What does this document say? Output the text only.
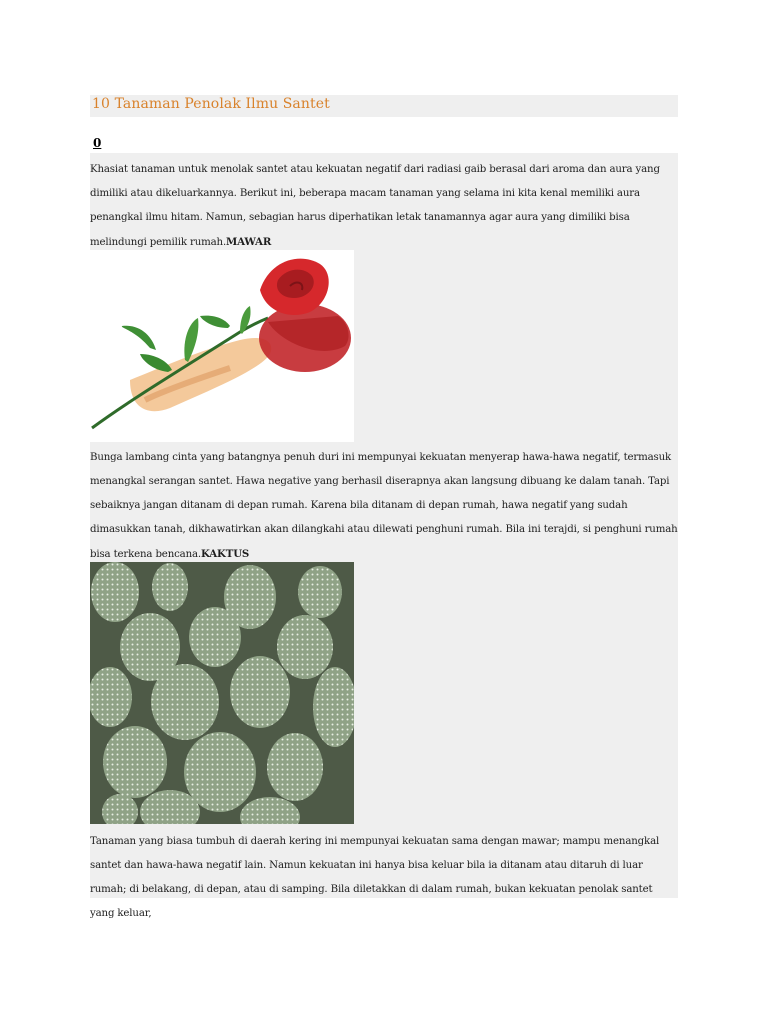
10 Tanaman Penolak Ilmu Santet
0

Khasiat tanaman untuk menolak santet atau kekuatan negatif dari radiasi gaib berasal dari aroma dan aura yang dimiliki atau dikeluarkannya. Berikut ini, beberapa macam tanaman yang selama ini kita kenal memiliki aura penangkal ilmu hitam. Namun, sebagian harus diperhatikan letak tanamannya agar aura yang dimiliki bisa melindungi pemilik rumah.MAWAR

Bunga lambang cinta yang batangnya penuh duri ini mempunyai kekuatan menyerap hawa-hawa negatif, termasuk menangkal serangan santet. Hawa negative yang berhasil diserapnya akan langsung dibuang ke dalam tanah. Tapi sebaiknya jangan ditanam di depan rumah. Karena bila ditanam di depan rumah, hawa negatif yang sudah dimasukkan tanah, dikhawatirkan akan dilangkahi atau dilewati penghuni rumah. Bila ini terajdi, si penghuni rumah bisa terkena bencana.KAKTUS

Tanaman yang biasa tumbuh di daerah kering ini mempunyai kekuatan sama dengan mawar; mampu menangkal santet dan hawa-hawa negatif lain. Namun kekuatan ini hanya bisa keluar bila ia ditanam atau ditaruh di luar rumah; di belakang, di depan, atau di samping. Bila diletakkan di dalam rumah, bukan kekuatan penolak santet yang keluar,
